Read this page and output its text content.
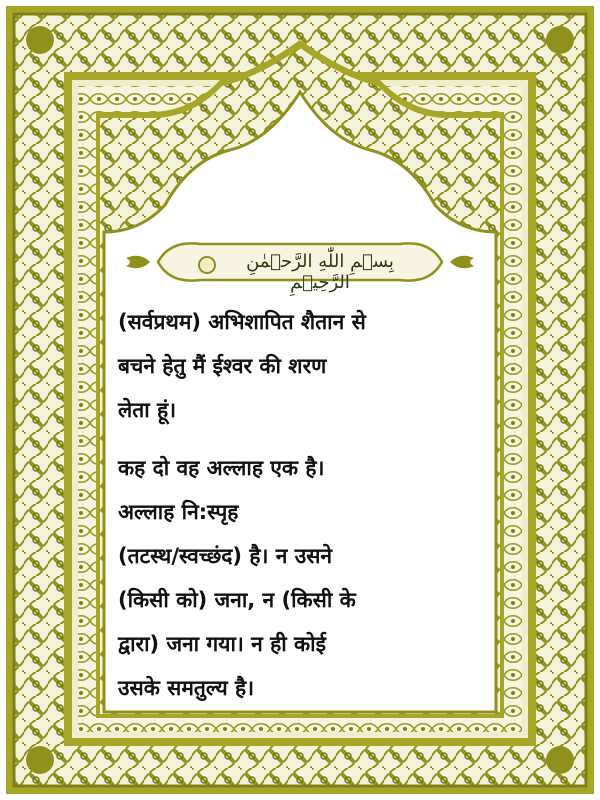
بِسۡمِ اللّٰهِ الرَّحۡمٰنِ الرَّحِيۡمِ

(सर्वप्रथम) अभिशापित शैतान से
बचने हेतु मैं ईश्वर की शरण
लेता हूं।

कह दो वह अल्लाह एक है।
अल्लाह नि:स्पृह
(तटस्थ/स्वच्छंद) है। न उसने
(किसी को) जना, न (किसी के
द्वारा) जना गया। न ही कोई
उसके समतुल्य है।
